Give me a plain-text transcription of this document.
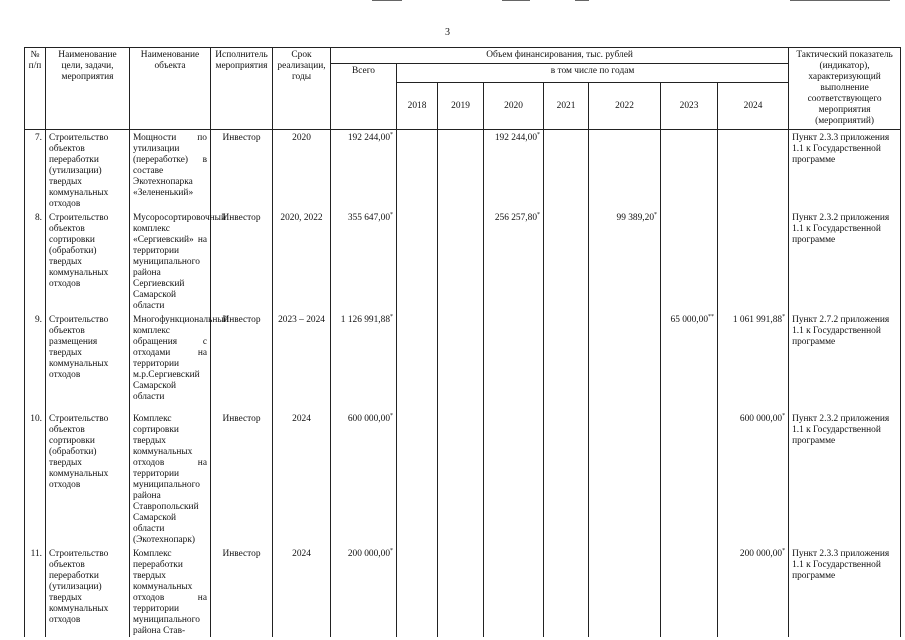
3
№ п/п	Наименование цели, задачи, мероприятия	Наименование объекта	Исполнитель мероприятия	Срок реализации, годы	Объем финансирования, тыс. рублей								Тактический показатель (индикатор), характеризующий выполнение соответствующего мероприятия (мероприятий)
					Всего	в том числе по годам							
						2018	2019	2020	2021	2022	2023	2024	
7.	Строительство объектов переработки (утилизации) твердых коммунальных отходов	Мощности по утилизации (переработке) в составе Экотехнопарка «Зелененький»	Инвестор	2020	192 244,00*			192 244,00*					Пункт 2.3.3 приложения 1.1 к Государственной программе
8.	Строительство объектов сортировки (обработки) твердых коммунальных отходов	Мусоросортировочный комплекс «Сергиевский» на территории муниципального района Сергиевский Самарской области	Инвестор	2020, 2022	355 647,00*			256 257,80*		99 389,20*			Пункт 2.3.2 приложения 1.1 к Государственной программе
9.	Строительство объектов размещения твердых коммунальных отходов	Многофункциональный комплекс обращения с отходами на территории м.р.Сергиевский Самарской области	Инвестор	2023 – 2024	1 126 991,88*						65 000,00**	1 061 991,88*	Пункт 2.7.2 приложения 1.1 к Государственной программе
10.	Строительство объектов сортировки (обработки) твердых коммунальных отходов	Комплекс сортировки твердых коммунальных отходов на территории муниципального района Ставропольский Самарской области (Экотехнопарк)	Инвестор	2024	600 000,00*							600 000,00*	Пункт 2.3.2 приложения 1.1 к Государственной программе
11.	Строительство объектов переработки (утилизации) твердых коммунальных отходов	Комплекс переработки твердых коммунальных отходов на территории муниципального района Став-	Инвестор	2024	200 000,00*							200 000,00*	Пункт 2.3.3 приложения 1.1 к Государственной программе
